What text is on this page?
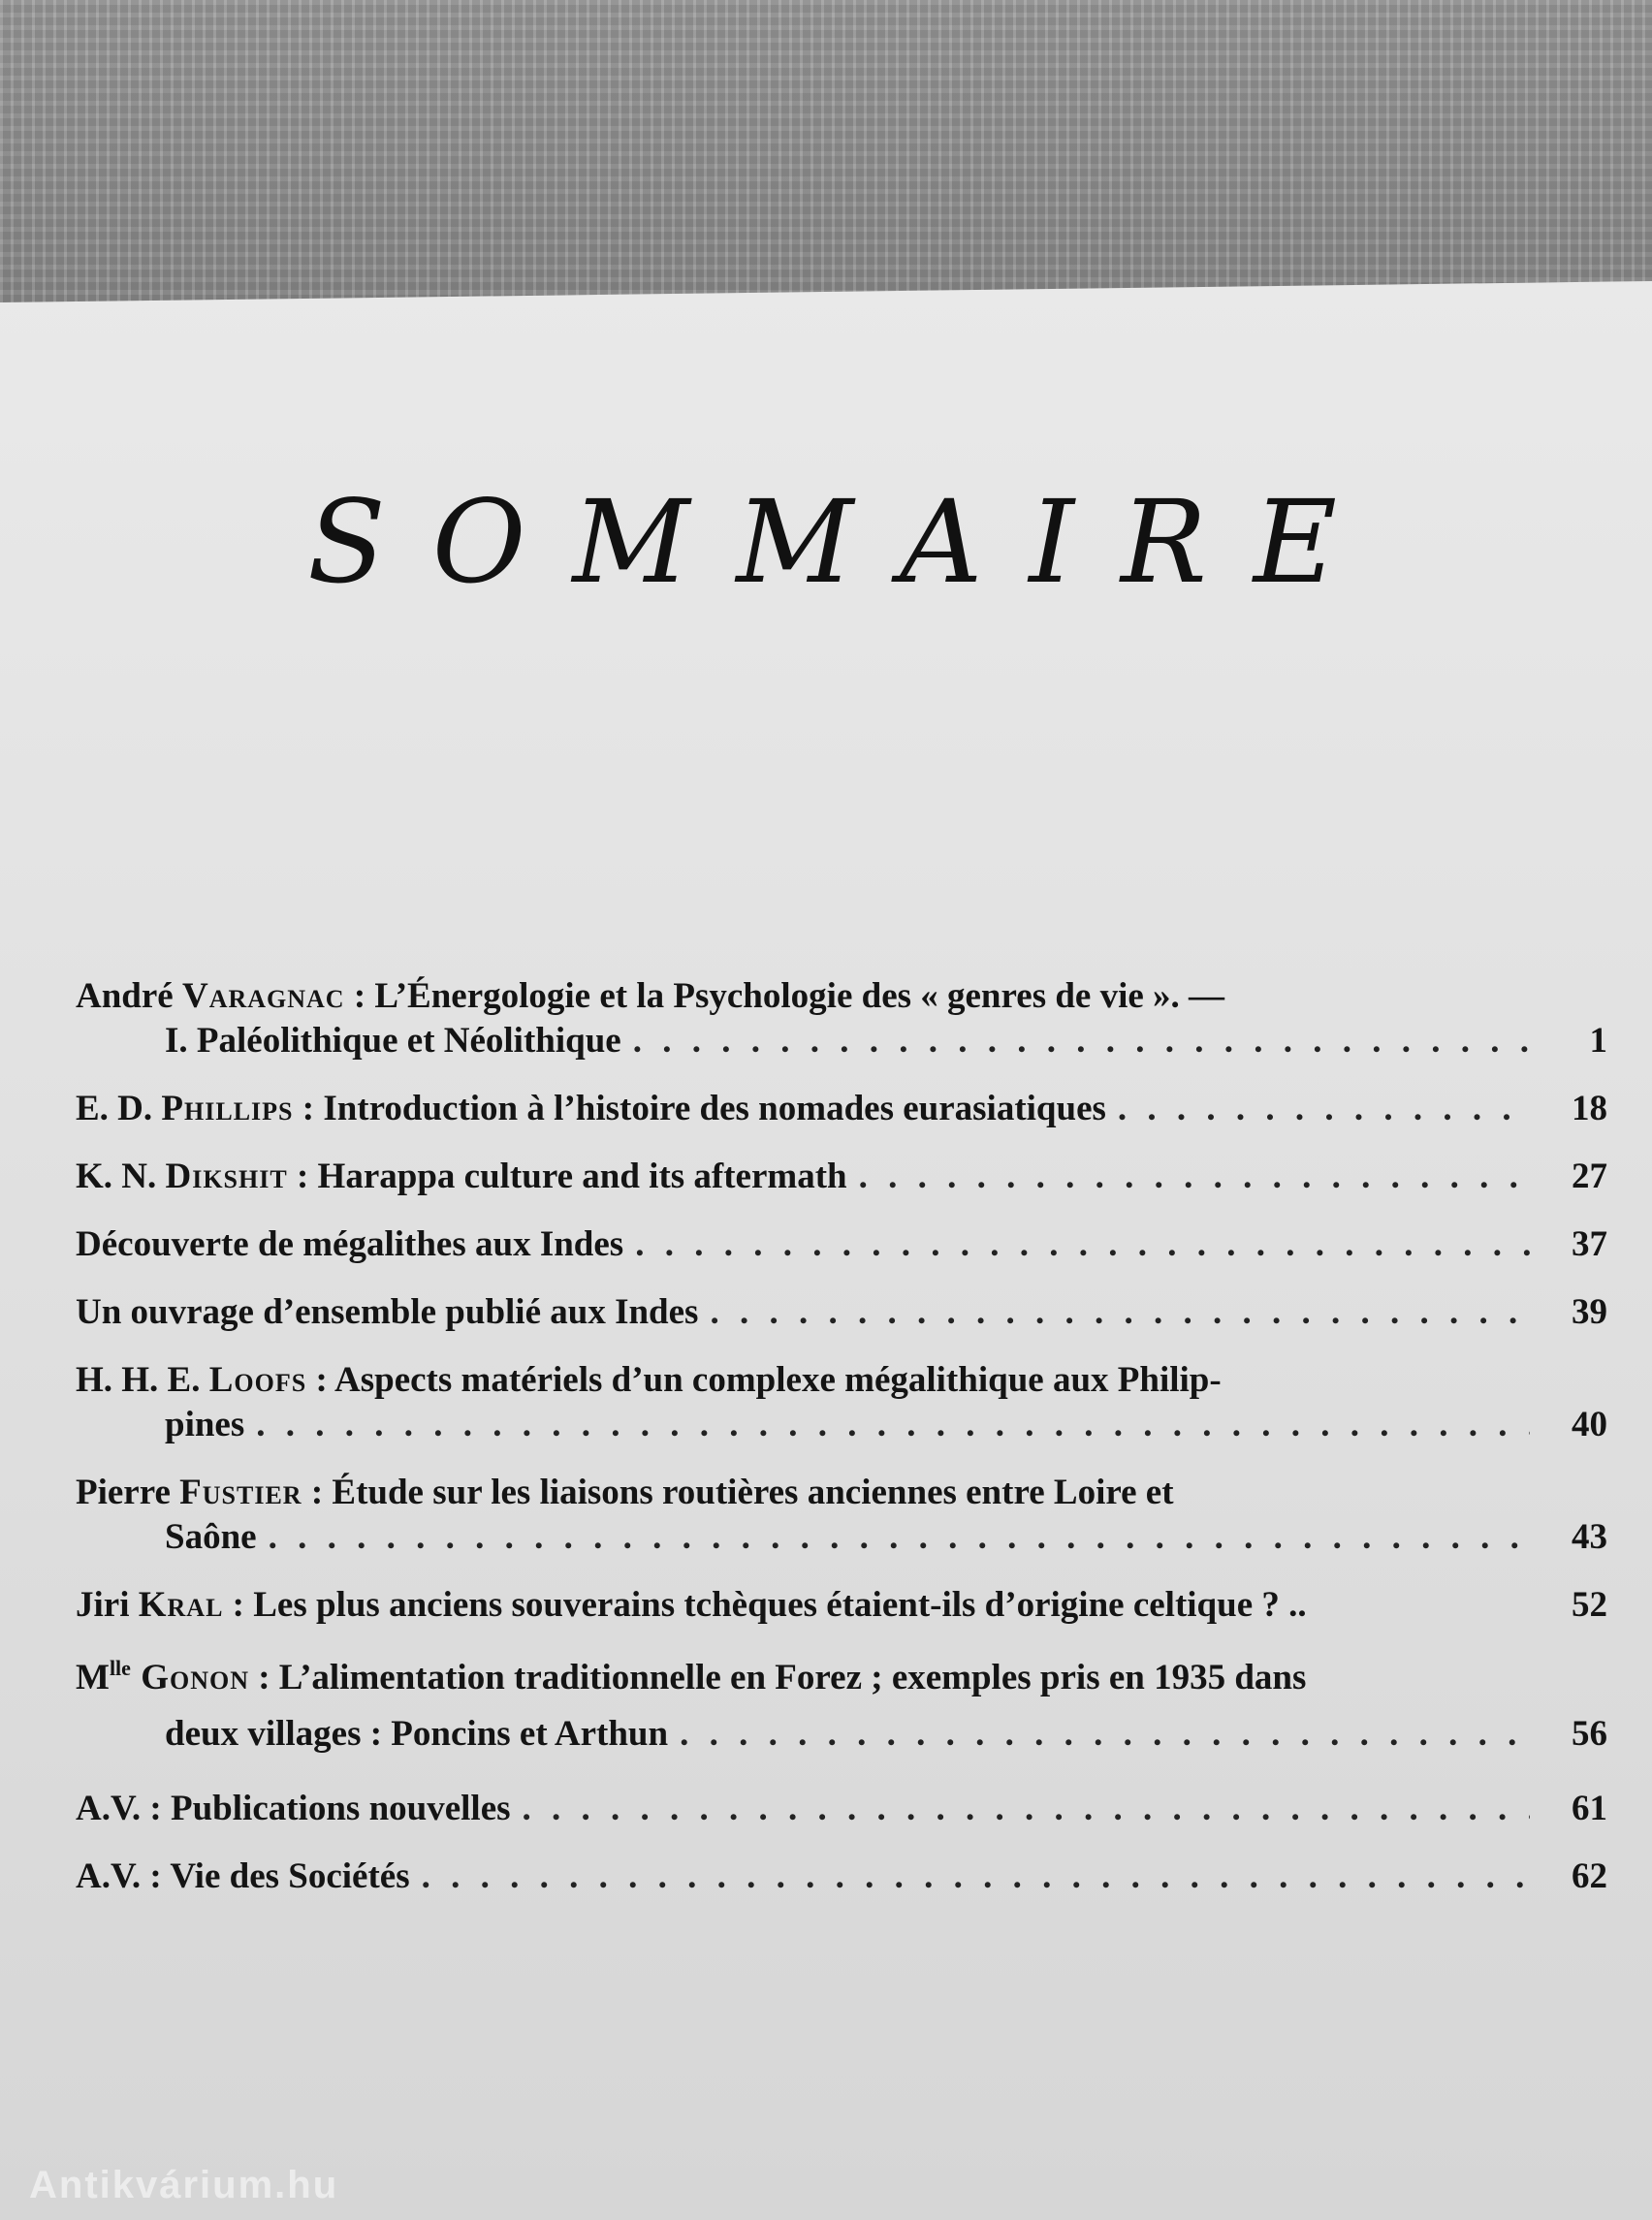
SOMMAIRE
André Varagnac : L’Énergologie et la Psychologie des « genres de vie ». —
I. Paléolithique et Néolithique . . .	1
E. D. Phillips : Introduction à l’histoire des nomades eurasiatiques . . .	18
K. N. Dikshit : Harappa culture and its aftermath . . .	27
Découverte de mégalithes aux Indes . . .	37
Un ouvrage d’ensemble publié aux Indes . . .	39
H. H. E. Loofs : Aspects matériels d’un complexe mégalithique aux Philip-
pines . . .	40
Pierre Fustier : Étude sur les liaisons routières anciennes entre Loire et
Saône . . .	43
Jiri Kral : Les plus anciens souverains tchèques étaient-ils d’origine celtique ? ..	52
$M^{lle}$ Gonon : L’alimentation traditionnelle en Forez ; exemples pris en 1935 dans
deux villages : Poncins et Arthun . . .	56
A.V. : Publications nouvelles . . .	61
A.V. : Vie des Sociétés . . .	62
Antikvárium.hu
